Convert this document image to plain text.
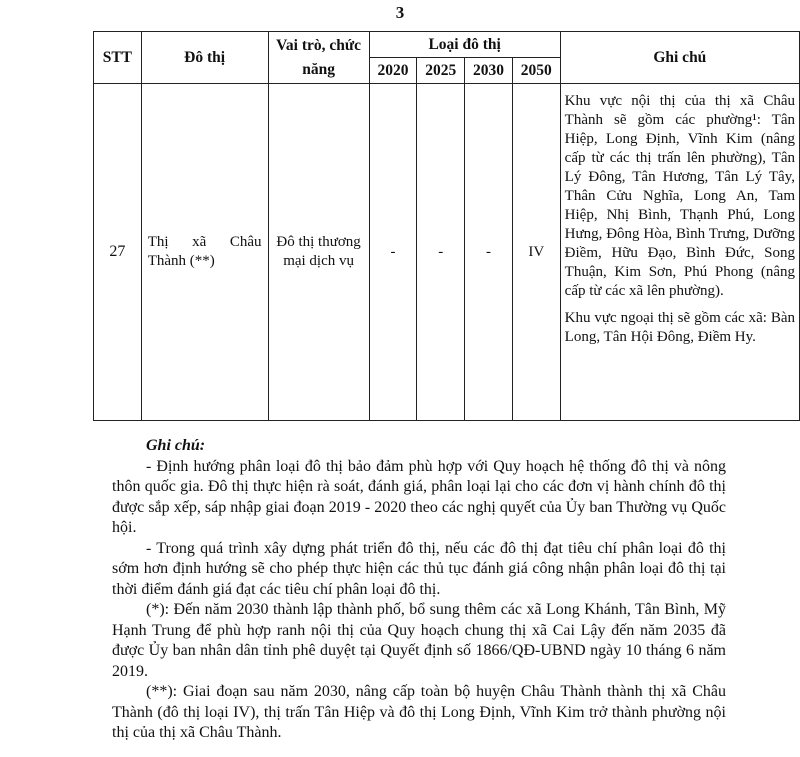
3
STT	Đô thị	Vai trò, chức năng	Loại đô thị				Ghi chú
			2020	2025	2030	2050	
27	Thị xã Châu Thành (**)	Đô thị thương mại dịch vụ	-	-	-	IV	Khu vực nội thị của thị xã Châu Thành sẽ gồm các phường¹: Tân Hiệp, Long Định, Vĩnh Kim (nâng cấp từ các thị trấn lên phường), Tân Lý Đông, Tân Hương, Tân Lý Tây, Thân Cửu Nghĩa, Long An, Tam Hiệp, Nhị Bình, Thạnh Phú, Long Hưng, Đông Hòa, Bình Trưng, Dưỡng Điềm, Hữu Đạo, Bình Đức, Song Thuận, Kim Sơn, Phú Phong (nâng cấp từ các xã lên phường).

Khu vực ngoại thị sẽ gồm các xã: Bàn Long, Tân Hội Đông, Điềm Hy.

Ghi chú:

- Định hướng phân loại đô thị bảo đảm phù hợp với Quy hoạch hệ thống đô thị và nông thôn quốc gia. Đô thị thực hiện rà soát, đánh giá, phân loại lại cho các đơn vị hành chính đô thị được sắp xếp, sáp nhập giai đoạn 2019 - 2020 theo các nghị quyết của Ủy ban Thường vụ Quốc hội.

- Trong quá trình xây dựng phát triển đô thị, nếu các đô thị đạt tiêu chí phân loại đô thị sớm hơn định hướng sẽ cho phép thực hiện các thủ tục đánh giá công nhận phân loại đô thị tại thời điểm đánh giá đạt các tiêu chí phân loại đô thị.

(*): Đến năm 2030 thành lập thành phố, bổ sung thêm các xã Long Khánh, Tân Bình, Mỹ Hạnh Trung để phù hợp ranh nội thị của Quy hoạch chung thị xã Cai Lậy đến năm 2035 đã được Ủy ban nhân dân tỉnh phê duyệt tại Quyết định số 1866/QĐ-UBND ngày 10 tháng 6 năm 2019.

(**): Giai đoạn sau năm 2030, nâng cấp toàn bộ huyện Châu Thành thành thị xã Châu Thành (đô thị loại IV), thị trấn Tân Hiệp và đô thị Long Định, Vĩnh Kim trở thành phường nội thị của thị xã Châu Thành.
